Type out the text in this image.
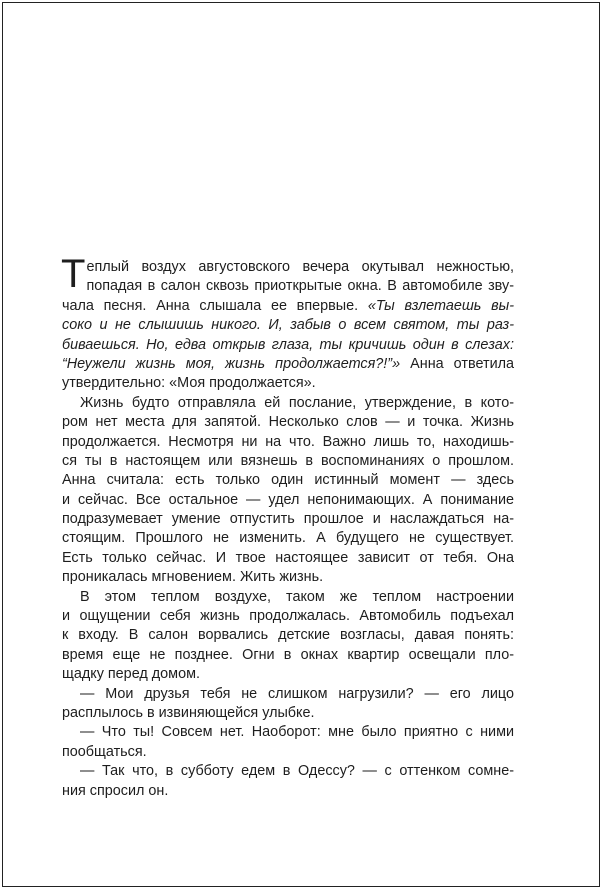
Т еплый воздух августовского вечера окутывал нежностью,
попадая в салон сквозь приоткрытые окна. В автомобиле зву-
чала песня. Анна слышала ее впервые. «Ты взлетаешь вы-
соко и не слышишь никого. И, забыв о всем святом, ты раз-
биваешься. Но, едва открыв глаза, ты кричишь один в слезах:
“Неужели жизнь моя, жизнь продолжается?!”» Анна ответила
утвердительно: «Моя продолжается».
Жизнь будто отправляла ей послание, утверждение, в кото-
ром нет места для запятой. Несколько слов — и точка. Жизнь
продолжается. Несмотря ни на что. Важно лишь то, находишь-
ся ты в настоящем или вязнешь в воспоминаниях о прошлом.
Анна считала: есть только один истинный момент — здесь
и сейчас. Все остальное — удел непонимающих. А понимание
подразумевает умение отпустить прошлое и наслаждаться на-
стоящим. Прошлого не изменить. А будущего не существует.
Есть только сейчас. И твое настоящее зависит от тебя. Она
проникалась мгновением. Жить жизнь.
В этом теплом воздухе, таком же теплом настроении
и ощущении себя жизнь продолжалась. Автомобиль подъехал
к входу. В салон ворвались детские возгласы, давая понять:
время еще не позднее. Огни в окнах квартир освещали пло-
щадку перед домом.
— Мои друзья тебя не слишком нагрузили? — его лицо
расплылось в извиняющейся улыбке.
— Что ты! Совсем нет. Наоборот: мне было приятно с ними
пообщаться.
— Так что, в субботу едем в Одессу? — с оттенком сомне-
ния спросил он.
